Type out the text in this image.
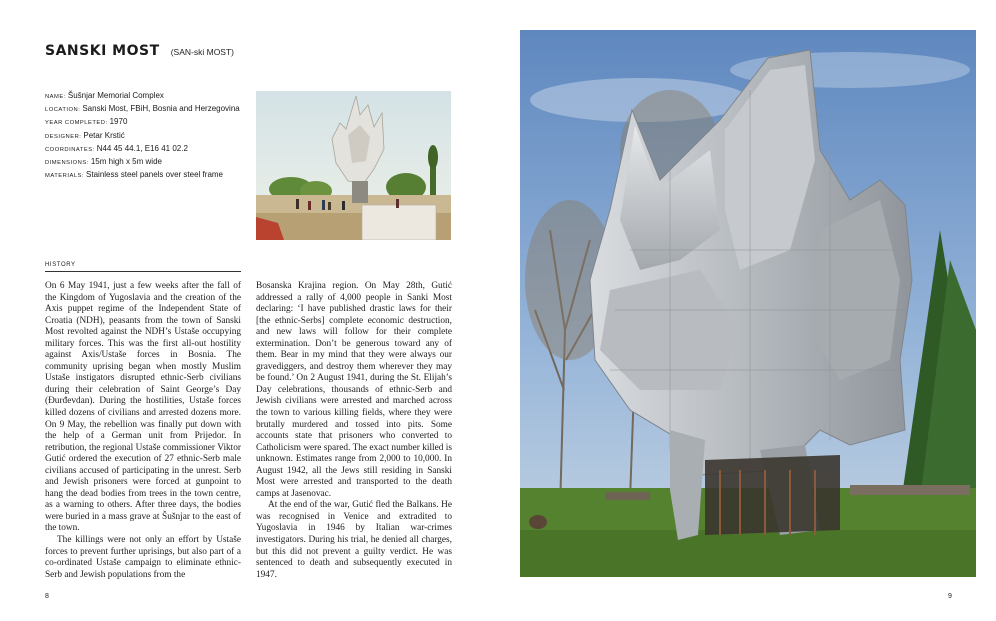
SANSKI MOST (SAN-ski MOST)
NAME: Šušnjar Memorial Complex
LOCATION: Sanski Most, FBiH, Bosnia and Herzegovina
YEAR COMPLETED: 1970
DESIGNER: Petar Krstić
COORDINATES: N44 45 44.1, E16 41 02.2
DIMENSIONS: 15m high x 5m wide
MATERIALS: Stainless steel panels over steel frame
HISTORY

On 6 May 1941, just a few weeks after the fall of the Kingdom of Yugoslavia and the creation of the Axis puppet regime of the Independent State of Croatia (NDH), peasants from the town of Sanski Most revolted against the NDH’s Ustaše occupying military forces. This was the first all-out hostility against Axis/Ustaše forces in Bosnia. The community uprising began when mostly Muslim Ustaše instigators disrupted ethnic-Serb civilians during their celebration of Saint George’s Day (Đurđevdan). During the hostilities, Ustaše forces killed dozens of civilians and arrested dozens more. On 9 May, the rebellion was finally put down with the help of a German unit from Prijedor. In retribution, the regional Ustaše commissioner Viktor Gutić ordered the execution of 27 ethnic-Serb male civilians accused of participating in the unrest. Serb and Jewish prisoners were forced at gunpoint to hang the dead bodies from trees in the town centre, as a warning to others. After three days, the bodies were buried in a mass grave at Šušnjar to the east of the town.

The killings were not only an effort by Ustaše forces to prevent further uprisings, but also part of a co-ordinated Ustaše campaign to eliminate ethnic-Serb and Jewish populations from the

Bosanska Krajina region. On May 28th, Gutić addressed a rally of 4,000 people in Sanki Most declaring: ‘I have published drastic laws for their [the ethnic-Serbs] complete economic destruction, and new laws will follow for their complete extermination. Don’t be generous toward any of them. Bear in my mind that they were always our gravediggers, and destroy them wherever they may be found.’ On 2 August 1941, during the St. Elijah’s Day celebrations, thousands of ethnic-Serb and Jewish civilians were arrested and marched across the town to various killing fields, where they were brutally murdered and tossed into pits. Some accounts state that prisoners who converted to Catholicism were spared. The exact number killed is unknown. Estimates range from 2,000 to 10,000. In August 1942, all the Jews still residing in Sanski Most were arrested and transported to the death camps at Jasenovac.

At the end of the war, Gutić fled the Balkans. He was recognised in Venice and extradited to Yugoslavia in 1946 by Italian war-crimes investigators. During his trial, he denied all charges, but this did not prevent a guilty verdict. He was sentenced to death and subsequently executed in 1947.

8	9
